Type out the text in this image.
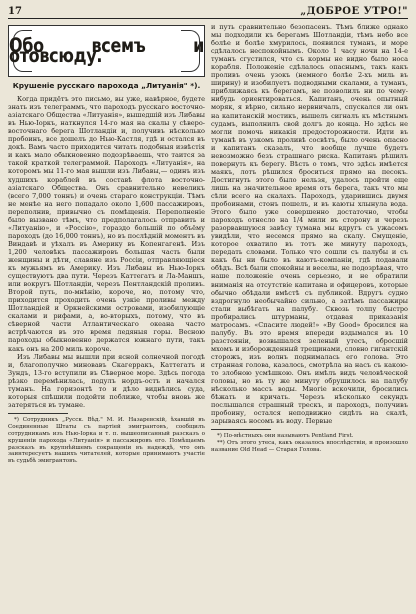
17	„ДОБРОЕ УТРО!"
Обо всемъ и отовсюду.
Крушеніе русскаго парохода „Литуанія" *).

Когда придётъ это письмо, вы уже, навѣрное, будете знать изъ телеграммъ, что пароходъ русскаго восточно-азіатскаго Общества «Литуанія», вышедшій изъ Либавы въ Нью-Іоркъ, наткнулся 14-го мая на скалы у сѣверо-восточнаго берега Шотландіи и, получивъ нѣсколько пробоинъ, все дошелъ до Нью-Кастля, гдѣ и остался въ докѣ. Вамъ часто приходится читать подобныя извѣстія и какъ мало обыкновенно подозрѣваешь, что таится за такой краткой телеграммой. Пароходъ «Литуанія», на которомъ мы 11-го мая вышли изъ Либавы,— одинъ изъ худшихъ кораблей въ составѣ флота восточно-азіатскаго Общества. Онъ сравнительно невеликъ (всего 7,000 тоннъ) и очень стараго конструкціи. Тѣмъ не менѣе на него попадало около 1,600 пассажировъ, переполнив, привычно съ помѣщенія. Переполненіе было вызвано тѣмъ, что предполагалось отправить и «Литуанію», и «Россію», гораздо большій по объёму пароходъ (до 16,000 тоннъ), но въ послѣдній моментъ въ Виндавѣ и уѣхалъ въ Америку въ Копенгагенѣ. Изъ 1,200 человѣкъ пассажировъ большая часть были женщины и дѣти, славяне изъ Россіи, отправляющіеся къ мужьямъ въ Америку. Изъ Либавы въ Нью-Іоркъ существуютъ два пути. Черезъ Каттегатъ и Ла-Маншъ, или вокругъ Шотландіи, черезъ Пентландскій проливъ. Второй путь, по-мнѣнію, короче, но, потому что, приходится проходить очень узкіе проливы между Шотландіей и Оркнейскими островами, изобилующіе скалами и рифами, а, во-вторыхъ, потому, что въ сѣверной части Атлантическаго океана часто встрѣчаются въ это время ледяныя горы. Весною пароходы обыкновенно держатся южнаго пути, такъ какъ онъ на 200 миль короче.

Изъ Либавы мы вышли при ясной солнечной погодѣ и, благополучно миновавъ Скагерракъ, Каттегатъ и Зундъ, 13-го вступили въ Сѣверное море. Здѣсь погода рѣзко перемѣнилась, подулъ нордъ-остъ и начался туманъ. На горизонтѣ то и дѣло виднѣлись суда, которыя спѣшили подойти поближе, чтобы вновь же затеряться въ тумане.

*) Сотрудникъ „Русск. Вѣд." М. И. Назаревскій, ѣхавшій въ Соединенные Штаты съ партіей эмигрантовъ, сообщилъ сотрудникамъ изъ Нью-Іорка и т. п. вышеописанный разсказъ о крушеніи парохода «Литуанія» и пассажировъ его. Помѣщаемъ разсказъ въ крупнѣйшемъ сокращеніи въ надеждѣ, что онъ заинтересуетъ нашихъ читателей, которые принимаютъ участіе въ судьбѣ эмигрантовъ.

и путь сравнительно безопасенъ. Тѣмъ ближе однако мы подходили къ берегамъ Шотландіи, тѣмъ небо все болѣе и болѣе хмурилось, появился туманъ, и море сдѣлалось неспокойнымъ. Около 1 часу ночи на 14-е туманъ сгустился, что съ кормы не видно было носа корабля. Положеніе сдѣлалось опаснымъ, такъ какъ проливъ очень узокъ (немного болѣе 2-хъ миль въ ширину) и изобилуетъ подводными скалами, а туманъ, приближаясь къ берегамъ, не позволилъ ни по чему-нибудь ориентироваться. Капитанъ, очень опытный моряк, я вѣрно, сильно нервничалъ, спускался ли онъ на капитанскій мостикъ, вышелъ сигналъ къ мѣстнымъ судамъ, выполнилъ свой долгъ до конца. Но здѣсь не могли помочь никакія предосторожности. Идти въ туманѣ въ узкомъ проливѣ сосвѣтъ, было очень опасно и капитанъ сказалъ, что вообще лучше будетъ невозможно безъ страшнаго риска. Капитанъ рѣшилъ повернуть къ берегу. Вѣсть о томъ, что здѣсь имѣется маякъ, лотъ рѣшился броситься прямо на песокъ. Достигнуть этого было нельзя, удалось пройти еще лишь на значительное время отъ берега, такъ что мы сѣли всего на скалахъ. Пароходъ, ударившись двумя пробоинами, стонъ пошелъ, и въ каюты хлынула вода. Этого было уже совершенно достаточно, чтобы пароходъ отнесло на 1/4 мили въ сторону и черезъ разорвавшуюся завѣсу тумана мы вдругъ съ ужасомъ увидѣли, что несемся прямо на скалу. Смущеніе, которое охватило въ тотъ же минуту пароходъ, передать словами. Только что сошли съ палубы и съ какъ бы ни было въ каютъ-компаніи, гдѣ подавали обѣдъ. Всѣ были спокойны и веселы, не подозрѣвая, что наше положеніе очень серьезно, и не обратили вниманія на отсутствіе капитана и офицеровъ, которые обычно обѣдали вмѣстѣ съ публикой. Вдругъ судно вздрогнуло необычайно сильно, а затѣмъ пассажиры стали выбѣгать на палубу. Сквозь толпу быстро пробирались штурманы, отдавая приказанія матросамъ. «Спасите людей!» «By Good» бросился на палубу. Въ это время впереди вздымался въ 10 разстояніи, возвышался зеленый утесъ, обросшій мхомъ и изборожденный трещинами, словно гигантскій сторожъ, изъ волнъ поднималась его голова. Это странная голова, казалось, смотрѣла на насъ съ какою-то злобною усмѣшкою. Онъ имѣлъ видъ человѣческой головы, но въ ту же минуту обрушилось на палубу нѣсколько массъ воды. Многіе вскочили, бросились бѣжать и кричать. Черезъ нѣсколько секундъ послышался страшный трескъ, и пароходъ, получивъ пробоину, остался неподвижно сидѣть на скалѣ, зарываясь носомъ въ воду. Первые

*) По-мѣстныхъ они называютъ Pentland First.

**) Отъ этого утеса, какъ оказалось впослѣдствіи, и произошло название Old Head — Старая Голова.
